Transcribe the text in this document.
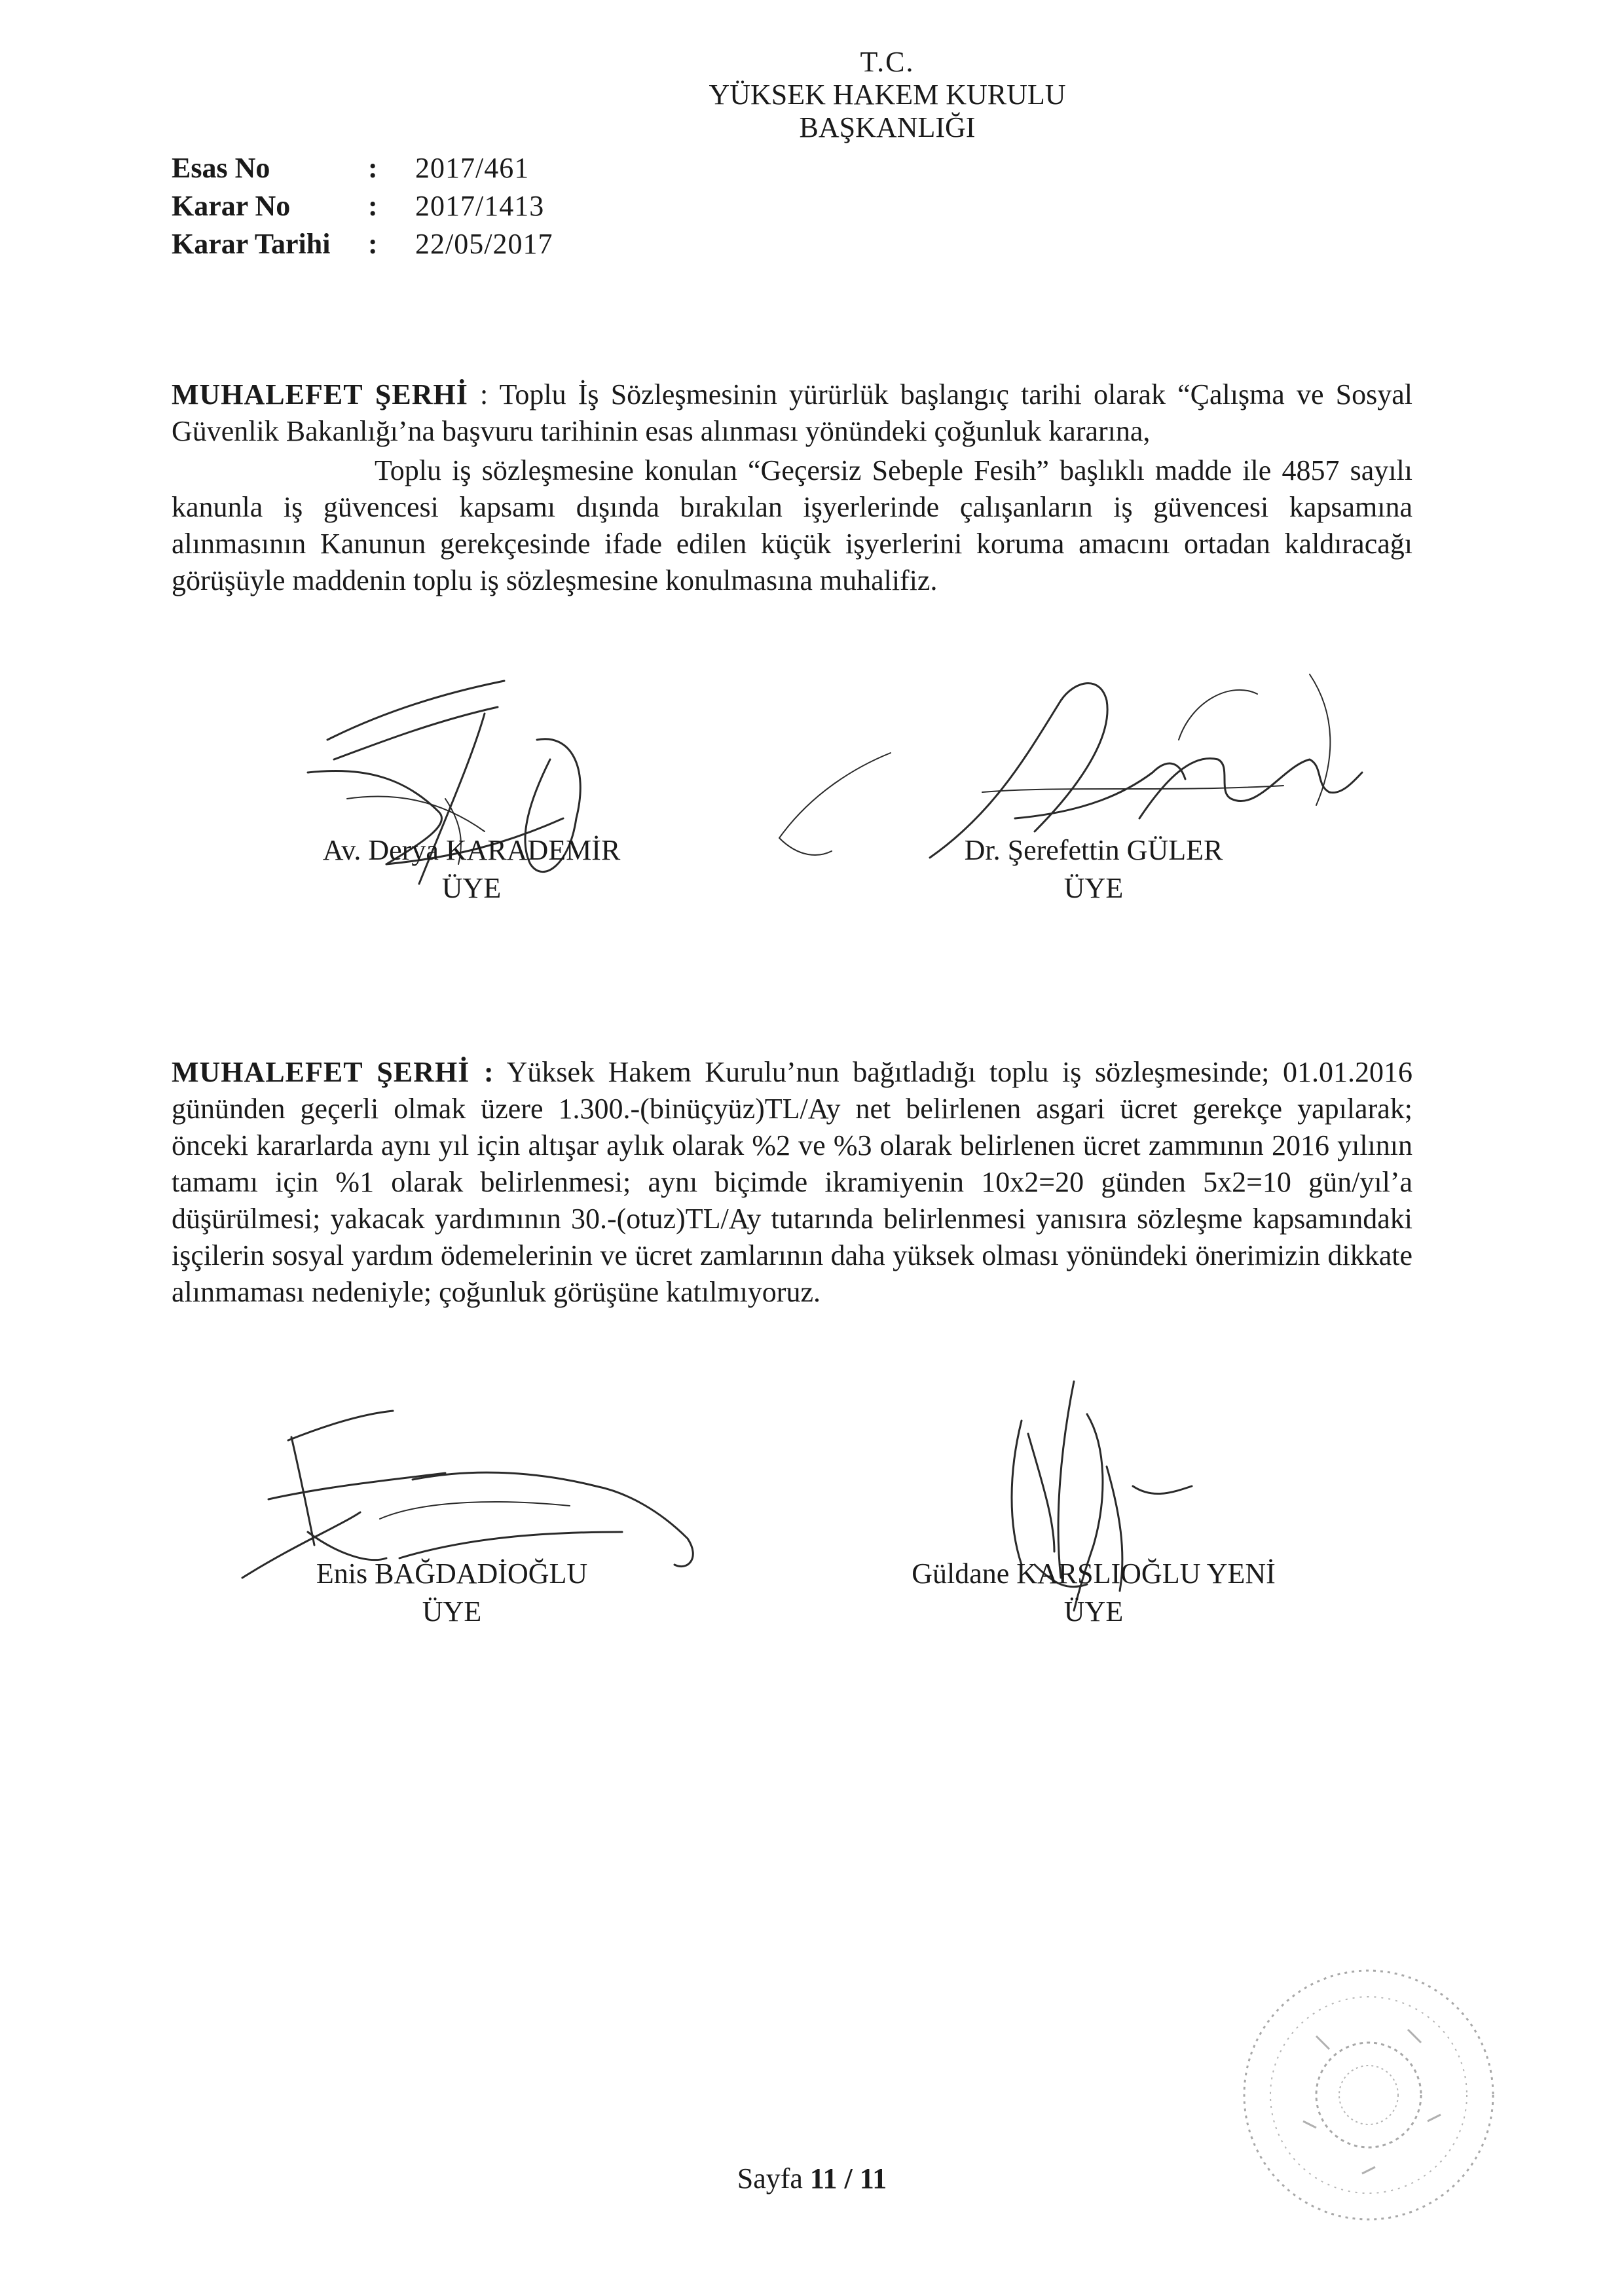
T.C.
YÜKSEK HAKEM KURULU
BAŞKANLIĞI
Esas No	:	2017/461
Karar No	:	2017/1413
Karar Tarihi	:	22/05/2017
MUHALEFET ŞERHİ : Toplu İş Sözleşmesinin yürürlük başlangıç tarihi olarak “Çalışma ve Sosyal Güvenlik Bakanlığı’na başvuru tarihinin esas alınması yönündeki çoğunluk kararına,
Toplu iş sözleşmesine konulan “Geçersiz Sebeple Fesih” başlıklı madde ile 4857 sayılı kanunla iş güvencesi kapsamı dışında bırakılan işyerlerinde çalışanların iş güvencesi kapsamına alınmasının Kanunun gerekçesinde ifade edilen küçük işyerlerini koruma amacını ortadan kaldıracağı görüşüyle maddenin toplu iş sözleşmesine konulmasına muhalifiz.
Av. Derya KARADEMİR
ÜYE
Dr. Şerefettin GÜLER
ÜYE
MUHALEFET ŞERHİ : Yüksek Hakem Kurulu’nun bağıtladığı toplu iş sözleşmesinde; 01.01.2016 gününden geçerli olmak üzere 1.300.-(binüçyüz)TL/Ay net belirlenen asgari ücret gerekçe yapılarak; önceki kararlarda aynı yıl için altışar aylık olarak %2 ve %3 olarak belirlenen ücret zammının 2016 yılının tamamı için %1 olarak belirlenmesi; aynı biçimde ikramiyenin 10x2=20 günden 5x2=10 gün/yıl’a düşürülmesi; yakacak yardımının 30.-(otuz)TL/Ay tutarında belirlenmesi yanısıra sözleşme kapsamındaki işçilerin sosyal yardım ödemelerinin ve ücret zamlarının daha yüksek olması yönündeki önerimizin dikkate alınmaması nedeniyle; çoğunluk görüşüne katılmıyoruz.
Enis BAĞDADİOĞLU
ÜYE
Güldane KARSLIOĞLU YENİ
ÜYE
Sayfa 11 / 11
